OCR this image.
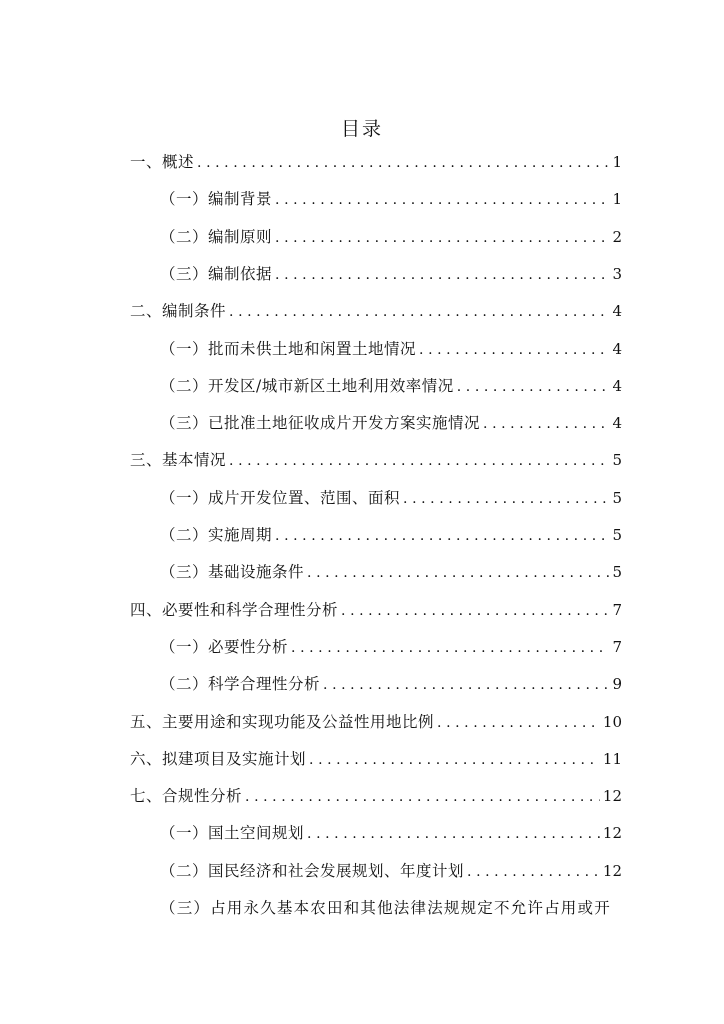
目录
一、概述 .....	1
（一）编制背景 .....	1
（二）编制原则 .....	2
（三）编制依据 .....	3
二、编制条件 .....	4
（一）批而未供土地和闲置土地情况 .....	4
（二）开发区/城市新区土地利用效率情况 .....	4
（三）已批准土地征收成片开发方案实施情况 .....	4
三、基本情况 .....	5
（一）成片开发位置、范围、面积 .....	5
（二）实施周期 .....	5
（三）基础设施条件 .....	5
四、必要性和科学合理性分析 .....	7
（一）必要性分析 .....	7
（二）科学合理性分析 .....	9
五、主要用途和实现功能及公益性用地比例 .....	10
六、拟建项目及实施计划 .....	11
七、合规性分析 .....	12
（一）国土空间规划 .....	12
（二）国民经济和社会发展规划、年度计划 .....	12
（三）占用永久基本农田和其他法律法规规定不允许占用或开
